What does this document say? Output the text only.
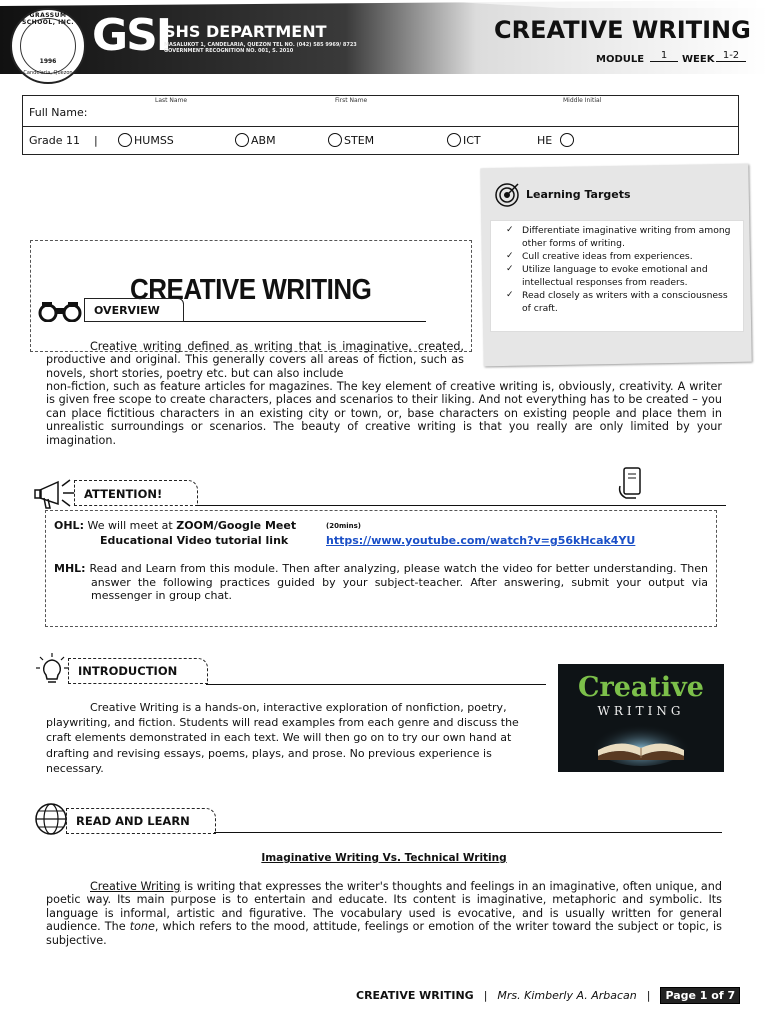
GRASSUM SCHOOL, INC.
1996
Candelaria, Quezon
GSI
SHS DEPARTMENT
MASALUKOT 1, CANDELARIA, QUEZON TEL NO. (042) 585 9969/ 8723
GOVERNMENT RECOGNITION NO. 001, S. 2010
CREATIVE WRITING
MODULE	1	WEEK 1-2
Last Name	First Name	Middle Initial
Full Name:
Grade 11    |	HUMSS	ABM	STEM	ICT	HE
Learning Targets
✓ Differentiate imaginative writing from among other forms of writing.
✓ Cull creative ideas from experiences.
✓ Utilize language to evoke emotional and intellectual responses from readers.
✓ Read closely as writers with a consciousness of craft.
CREATIVE WRITING
OVERVIEW
Creative writing defined as writing that is imaginative, created, productive and original. This generally covers all areas of fiction, such as novels, short stories, poetry etc. but can also include
non-fiction, such as feature articles for magazines. The key element of creative writing is, obviously, creativity. A writer is given free scope to create characters, places and scenarios to their liking. And not everything has to be created – you can place fictitious characters in an existing city or town, or, base characters on existing people and place them in unrealistic surroundings or scenarios. The beauty of creative writing is that you really are only limited by your imagination.
ATTENTION!
OHL: We will meet at ZOOM/Google Meet	(20mins)
Educational Video tutorial link	https://www.youtube.com/watch?v=g56kHcak4YU
MHL: Read and Learn from this module. Then after analyzing, please watch the video for better understanding. Then answer the following practices guided by your subject-teacher. After answering, submit your output via messenger in group chat.
INTRODUCTION
Creative Writing is a hands-on, interactive exploration of nonfiction, poetry, playwriting, and fiction. Students will read examples from each genre and discuss the craft elements demonstrated in each text. We will then go on to try our own hand at drafting and revising essays, poems, plays, and prose. No previous experience is necessary.
Creative
WRITING
READ AND LEARN
Imaginative Writing Vs. Technical Writing
Creative Writing is writing that expresses the writer's thoughts and feelings in an imaginative, often unique, and poetic way. Its main purpose is to entertain and educate. Its content is imaginative, metaphoric and symbolic. Its language is informal, artistic and figurative. The vocabulary used is evocative, and is usually written for general audience. The tone, which refers to the mood, attitude, feelings or emotion of the writer toward the subject or topic, is subjective.
CREATIVE WRITING | Mrs. Kimberly A. Arbacan |	Page 1 of 7
